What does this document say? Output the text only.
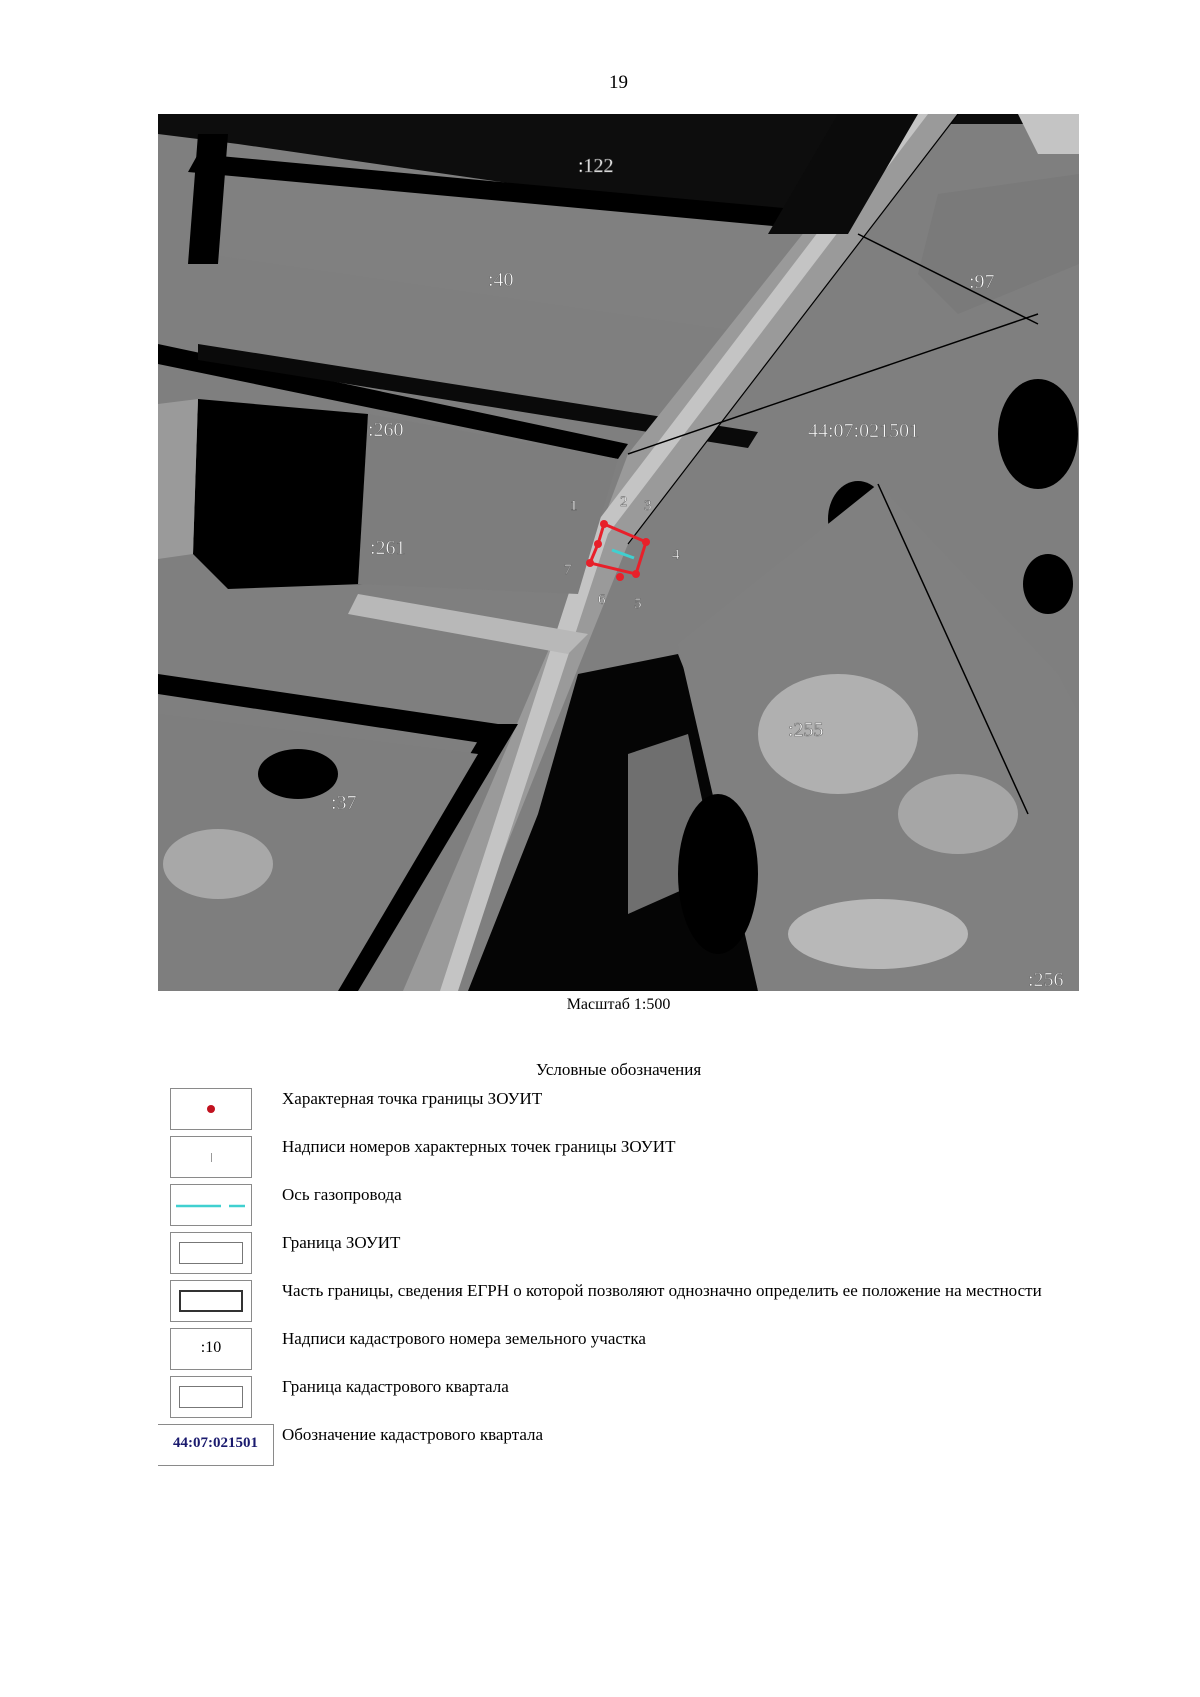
19
1	2 3
4
5
6
7
:122
:40	:97
:260	44:07:021501
:261
:255
:37
:256
Масштаб 1:500
Условные обозначения
Характерная точка границы ЗОУИТ
Надписи номеров характерных точек границы ЗОУИТ
Ось газопровода
Граница ЗОУИТ
Часть границы, сведения ЕГРН о которой позволяют однозначно определить ее положение на местности
:10	Надписи кадастрового номера земельного участка
Граница кадастрового квартала
44:07:021501	Обозначение кадастрового квартала
